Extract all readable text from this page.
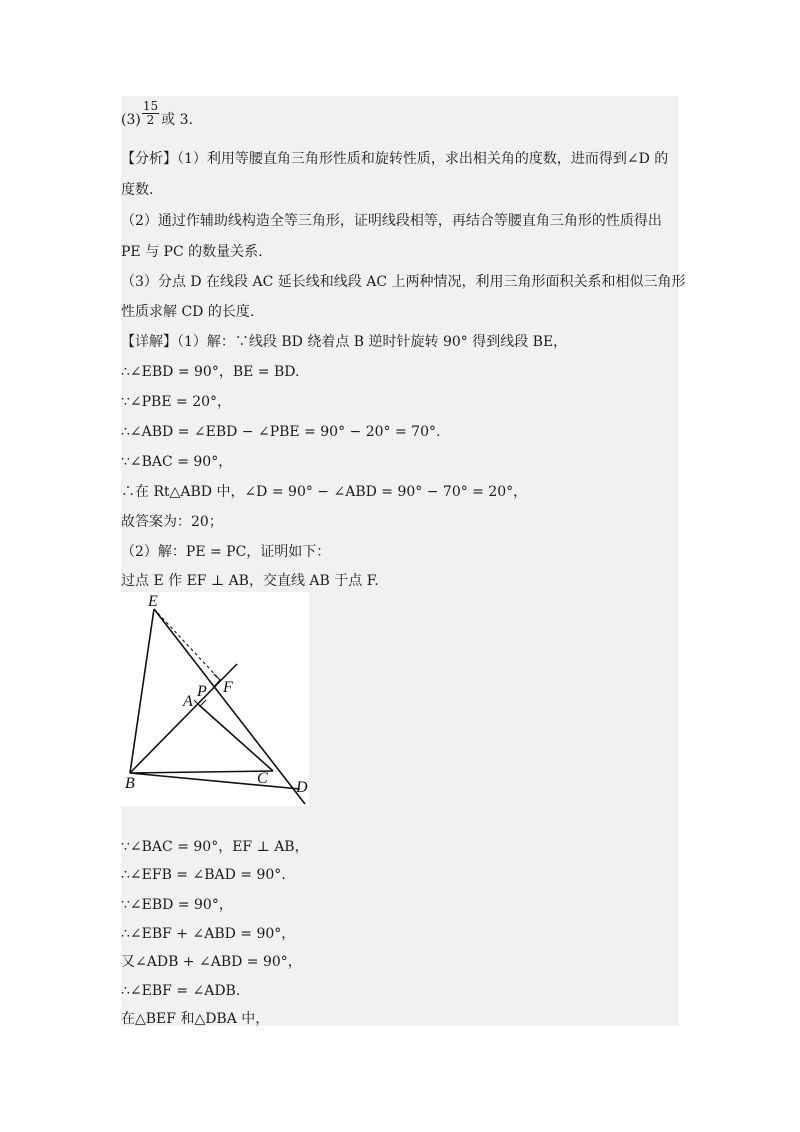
$(3) \frac{15}{2}$ 或 3.
【分析】（1）利用等腰直角三角形性质和旋转性质，求出相关角的度数，进而得到∠D 的
度数.
（2）通过作辅助线构造全等三角形，证明线段相等，再结合等腰直角三角形的性质得出
PE 与 PC 的数量关系.
（3）分点 D 在线段 AC 延长线和线段 AC 上两种情况，利用三角形面积关系和相似三角形
性质求解 CD 的长度.
【详解】（1）解：∵线段 BD 绕着点 B 逆时针旋转 90° 得到线段 BE，
∴∠EBD = 90°，BE = BD.
∵∠PBE = 20°，
∴∠ABD = ∠EBD − ∠PBE = 90° − 20° = 70°.
∵∠BAC = 90°，
∴在 Rt△ABD 中，∠D = 90° − ∠ABD = 90° − 70° = 20°，
故答案为：20；
（2）解：PE = PC，证明如下：
过点 E 作 EF ⊥ AB，交直线 AB 于点 F.
E
F
P
A
B	C
D
∵∠BAC = 90°，EF ⊥ AB，
∴∠EFB = ∠BAD = 90°.
∵∠EBD = 90°，
∴∠EBF + ∠ABD = 90°，
又∠ADB + ∠ABD = 90°，
∴∠EBF = ∠ADB.
在△BEF 和△DBA 中，
